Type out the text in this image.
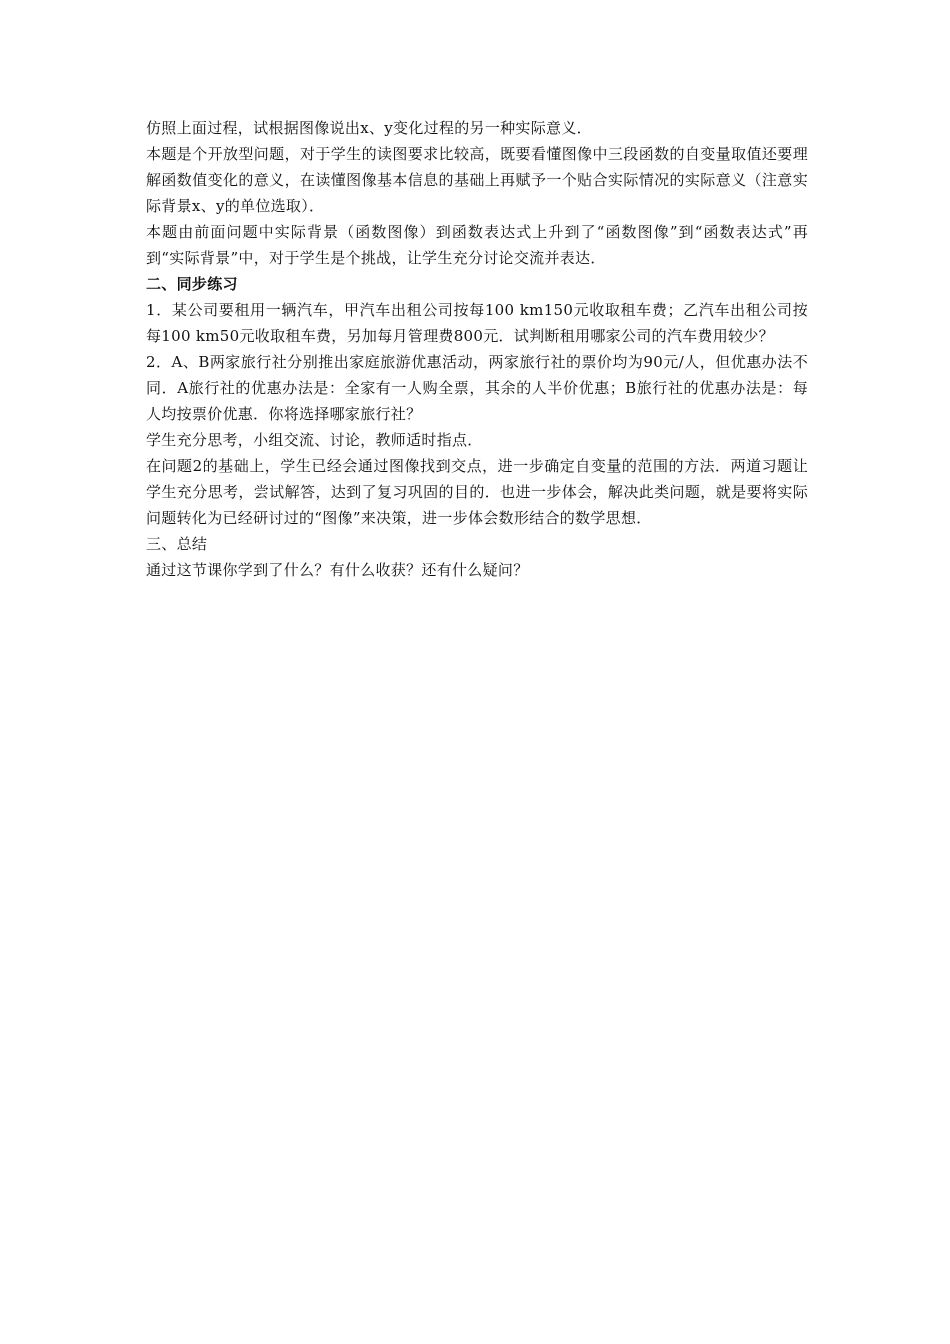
仿照上面过程，试根据图像说出x、y变化过程的另一种实际意义．

本题是个开放型问题，对于学生的读图要求比较高，既要看懂图像中三段函数的自变量取值还要理解函数值变化的意义，在读懂图像基本信息的基础上再赋予一个贴合实际情况的实际意义（注意实际背景x、y的单位选取）．

本题由前面问题中实际背景（函数图像）到函数表达式上升到了“函数图像”到“函数表达式”再到“实际背景”中，对于学生是个挑战，让学生充分讨论交流并表达．

二、同步练习

1．某公司要租用一辆汽车，甲汽车出租公司按每100 km150元收取租车费；乙汽车出租公司按每100 km50元收取租车费，另加每月管理费800元．试判断租用哪家公司的汽车费用较少？

2．A、B两家旅行社分别推出家庭旅游优惠活动，两家旅行社的票价均为90元/人，但优惠办法不同．A旅行社的优惠办法是：全家有一人购全票，其余的人半价优惠；B旅行社的优惠办法是：每人均按票价优惠．你将选择哪家旅行社？

学生充分思考，小组交流、讨论，教师适时指点．

在问题2的基础上，学生已经会通过图像找到交点，进一步确定自变量的范围的方法．两道习题让学生充分思考，尝试解答，达到了复习巩固的目的．也进一步体会，解决此类问题，就是要将实际问题转化为已经研讨过的“图像”来决策，进一步体会数形结合的数学思想．

三、总结

通过这节课你学到了什么？有什么收获？还有什么疑问？
